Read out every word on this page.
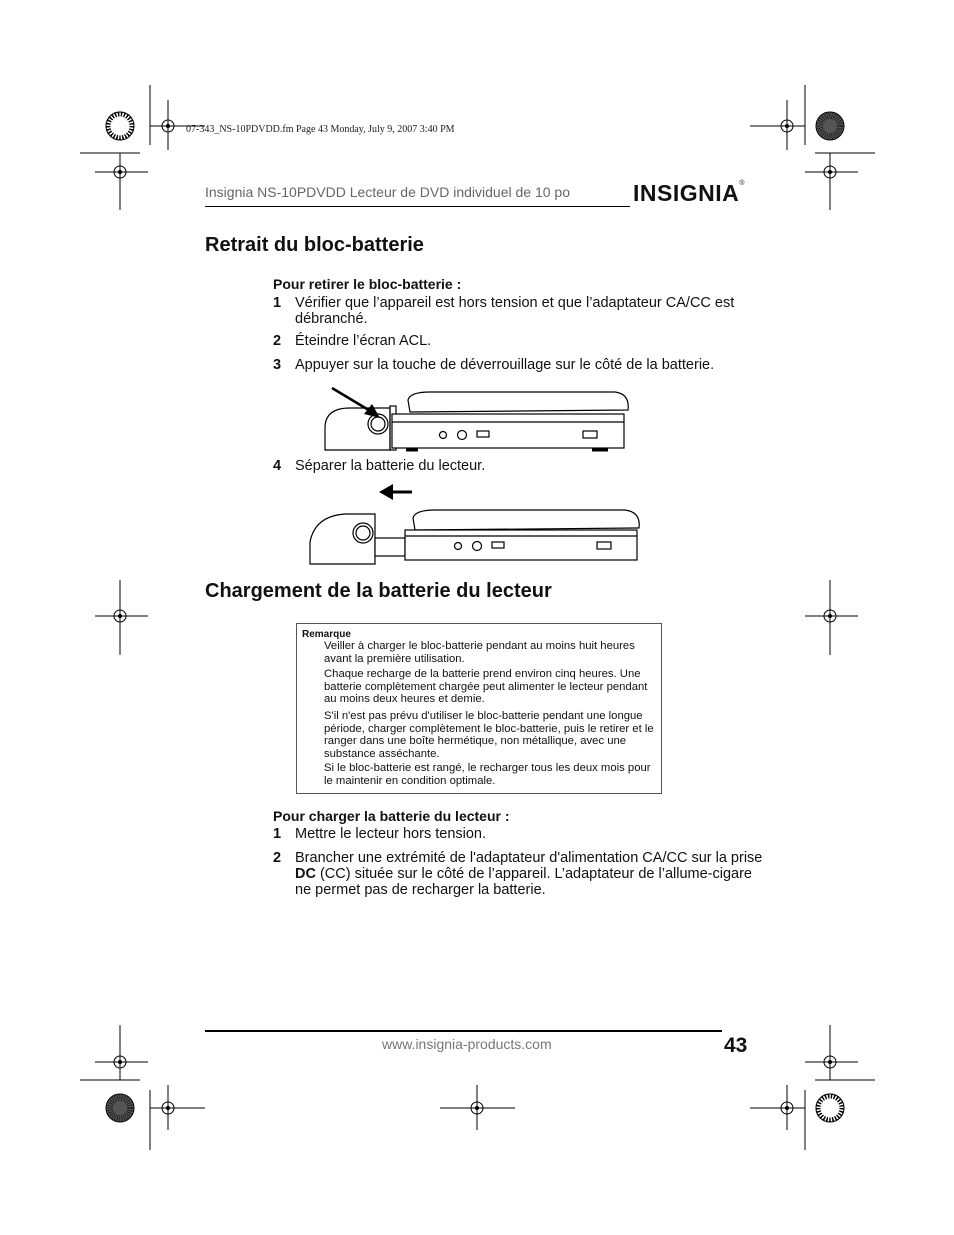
07-343_NS-10PDVDD.fm Page 43 Monday, July 9, 2007 3:40 PM
Insignia NS-10PDVDD Lecteur de DVD individuel de 10 po	INSIGNIA®
Retrait du bloc-batterie
Pour retirer le bloc-batterie :
1 Vérifier que l’appareil est hors tension et que l’adaptateur CA/CC est débranché.
2 Éteindre l’écran ACL.
3 Appuyer sur la touche de déverrouillage sur le côté de la batterie.
4 Séparer la batterie du lecteur.
Chargement de la batterie du lecteur
Remarque
Veiller à charger le bloc-batterie pendant au moins huit heures avant la première utilisation.
Chaque recharge de la batterie prend environ cinq heures. Une batterie complètement chargée peut alimenter le lecteur pendant au moins deux heures et demie.
S'il n'est pas prévu d'utiliser le bloc-batterie pendant une longue période, charger complètement le bloc-batterie, puis le retirer et le ranger dans une boîte hermétique, non métallique, avec une substance asséchante.
Si le bloc-batterie est rangé, le recharger tous les deux mois pour le maintenir en condition optimale.
Pour charger la batterie du lecteur :
1 Mettre le lecteur hors tension.
2 Brancher une extrémité de l'adaptateur d'alimentation CA/CC sur la prise DC (CC) située sur le côté de l’appareil. L’adaptateur de l’allume-cigare ne permet pas de recharger la batterie.
www.insignia-products.com	43
